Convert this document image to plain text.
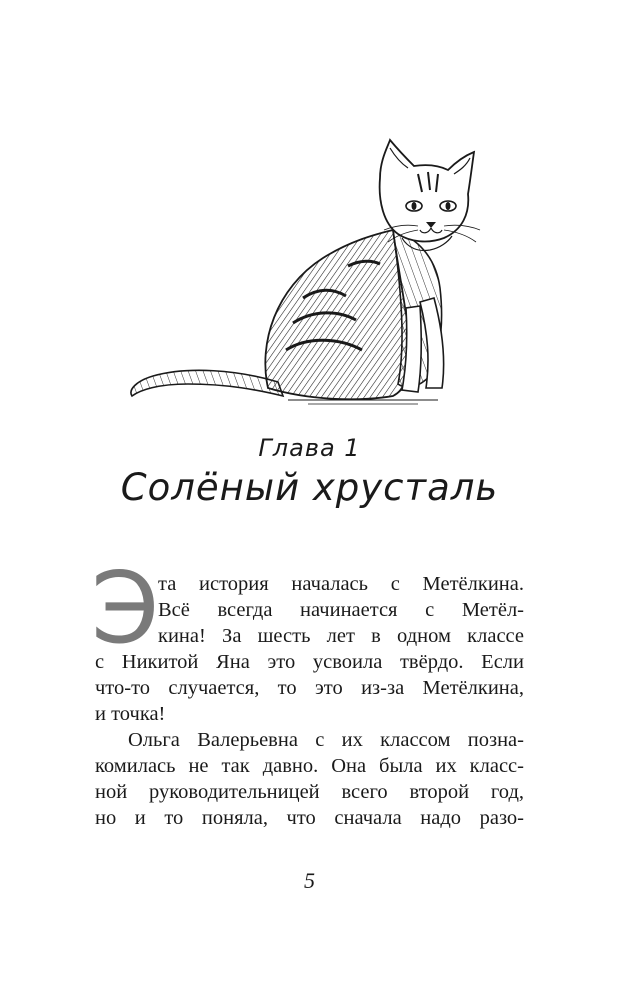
Глава 1
Солёный хрусталь
Э
та история началась с Метёлкина.
Всё всегда начинается с Метёл-
кина! За шесть лет в одном классе
с Никитой Яна это усвоила твёрдо. Если
что-то случается, то это из-за Метёлкина,
и точка!
Ольга Валерьевна с их классом позна-
комилась не так давно. Она была их класс-
ной руководительницей всего второй год,
но и то поняла, что сначала надо разо-
5
